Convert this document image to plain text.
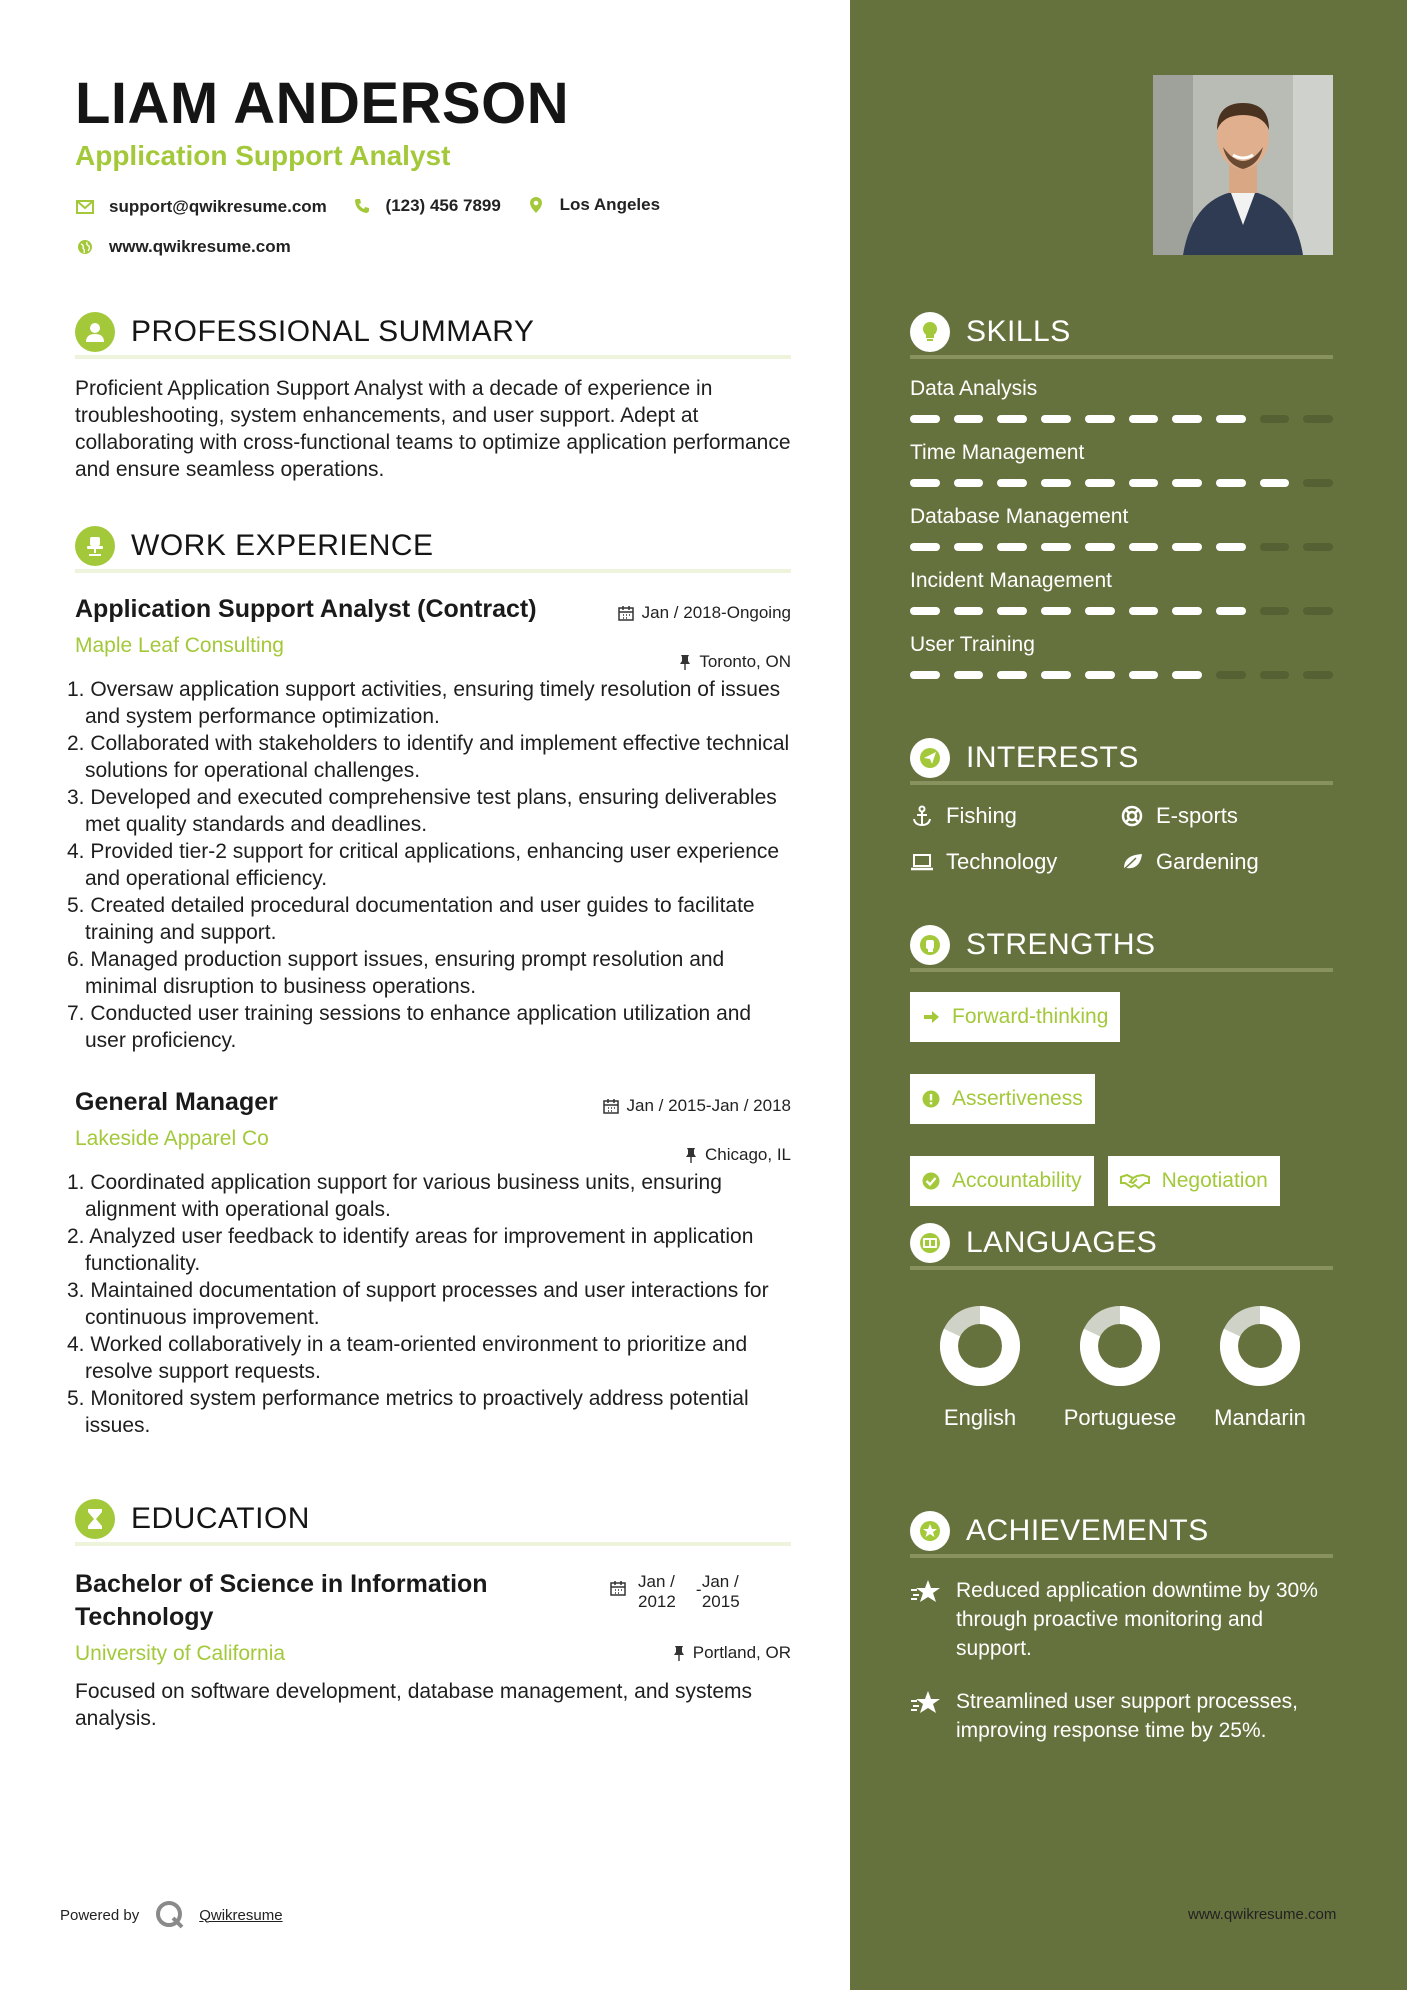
LIAM ANDERSON
Application Support Analyst
support@qwikresume.com
	(123) 456 7899
	Los Angeles
www.qwikresume.com
PROFESSIONAL SUMMARY

Proficient Application Support Analyst with a decade of experience in troubleshooting, system enhancements, and user support. Adept at collaborating with cross-functional teams to optimize application performance and ensure seamless operations.

WORK EXPERIENCE
Application Support Analyst (Contract)	Jan / 2018-Ongoing
Maple Leaf Consulting
Toronto, ON
1. Oversaw application support activities, ensuring timely resolution of issues and system performance optimization.
2. Collaborated with stakeholders to identify and implement effective technical solutions for operational challenges.
3. Developed and executed comprehensive test plans, ensuring deliverables met quality standards and deadlines.
4. Provided tier-2 support for critical applications, enhancing user experience and operational efficiency.
5. Created detailed procedural documentation and user guides to facilitate training and support.
6. Managed production support issues, ensuring prompt resolution and minimal disruption to business operations.
7. Conducted user training sessions to enhance application utilization and user proficiency.
General Manager	Jan / 2015-Jan / 2018
Lakeside Apparel Co
Chicago, IL
1. Coordinated application support for various business units, ensuring alignment with operational goals.
2. Analyzed user feedback to identify areas for improvement in application functionality.
3. Maintained documentation of support processes and user interactions for continuous improvement.
4. Worked collaboratively in a team-oriented environment to prioritize and resolve support requests.
5. Monitored system performance metrics to proactively address potential issues.
EDUCATION
Bachelor of Science in Information
Technology
Jan /
2012
- Jan /
2015
University of California	Portland, OR

Focused on software development, database management, and systems analysis.

SKILLS
Data Analysis
Time Management
Database Management
Incident Management
User Training
INTERESTS
Fishing	E-sports
Technology	Gardening
STRENGTHS
Forward-thinking
Assertiveness
Accountability	Negotiation
LANGUAGES
English	Portuguese	Mandarin
ACHIEVEMENTS
Reduced application downtime by 30% through proactive monitoring and support.
Streamlined user support processes, improving response time by 25%.
Powered by	Qwikresume	www.qwikresume.com
